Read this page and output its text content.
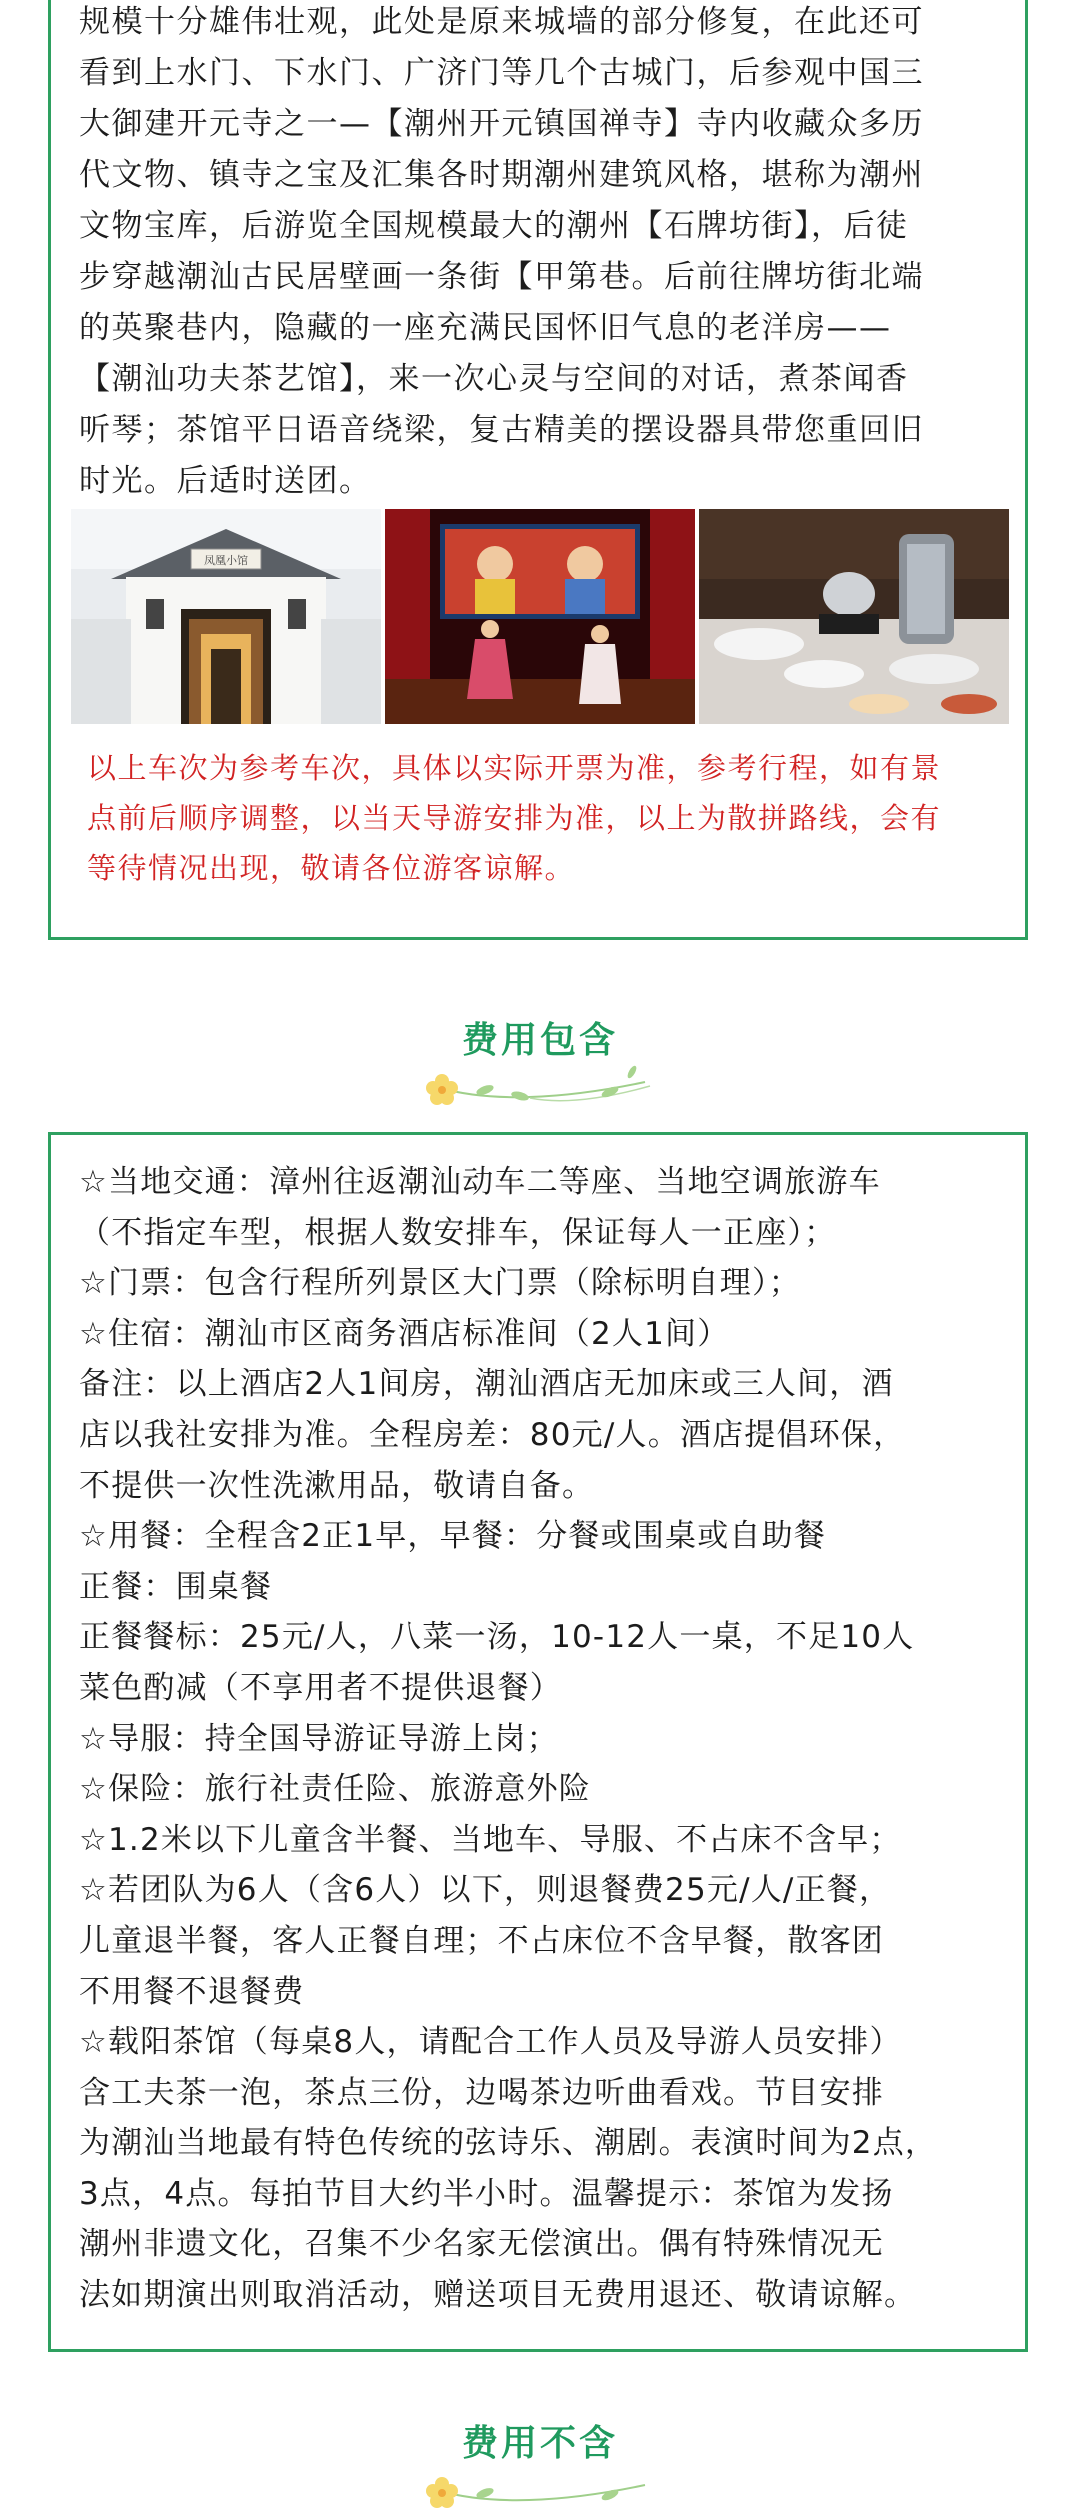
规模十分雄伟壮观，此处是原来城墙的部分修复，在此还可
看到上水门、下水门、广济门等几个古城门，后参观中国三
大御建开元寺之一—【潮州开元镇国禅寺】寺内收藏众多历
代文物、镇寺之宝及汇集各时期潮州建筑风格，堪称为潮州
文物宝库，后游览全国规模最大的潮州【石牌坊街】，后徒
步穿越潮汕古民居壁画一条街【甲第巷。后前往牌坊街北端
的英聚巷内，隐藏的一座充满民国怀旧气息的老洋房——
【潮汕功夫茶艺馆】，来一次心灵与空间的对话，煮茶闻香
听琴；茶馆平日语音绕梁，复古精美的摆设器具带您重回旧
时光。后适时送团。
凤凰小馆
以上车次为参考车次，具体以实际开票为准，参考行程，如有景
点前后顺序调整，以当天导游安排为准，以上为散拼路线，会有
等待情况出现，敬请各位游客谅解。
费用包含
☆当地交通：漳州往返潮汕动车二等座、当地空调旅游车
（不指定车型，根据人数安排车，保证每人一正座）；
☆门票：包含行程所列景区大门票（除标明自理）；
☆住宿：潮汕市区商务酒店标准间（2人1间）
备注：以上酒店2人1间房，潮汕酒店无加床或三人间，酒
店以我社安排为准。全程房差：80元/人。酒店提倡环保，
不提供一次性洗漱用品，敬请自备。
☆用餐：全程含2正1早，早餐：分餐或围桌或自助餐
正餐：围桌餐
正餐餐标：25元/人，八菜一汤，10-12人一桌，不足10人
菜色酌减（不享用者不提供退餐）
☆导服：持全国导游证导游上岗；
☆保险：旅行社责任险、旅游意外险
☆1.2米以下儿童含半餐、当地车、导服、不占床不含早；
☆若团队为6人（含6人）以下，则退餐费25元/人/正餐，
儿童退半餐，客人正餐自理；不占床位不含早餐，散客团
不用餐不退餐费
☆载阳茶馆（每桌8人，请配合工作人员及导游人员安排）
含工夫茶一泡，茶点三份，边喝茶边听曲看戏。节目安排
为潮汕当地最有特色传统的弦诗乐、潮剧。表演时间为2点，
3点，4点。每拍节目大约半小时。温馨提示：茶馆为发扬
潮州非遗文化，召集不少名家无偿演出。偶有特殊情况无
法如期演出则取消活动，赠送项目无费用退还、敬请谅解。
费用不含
